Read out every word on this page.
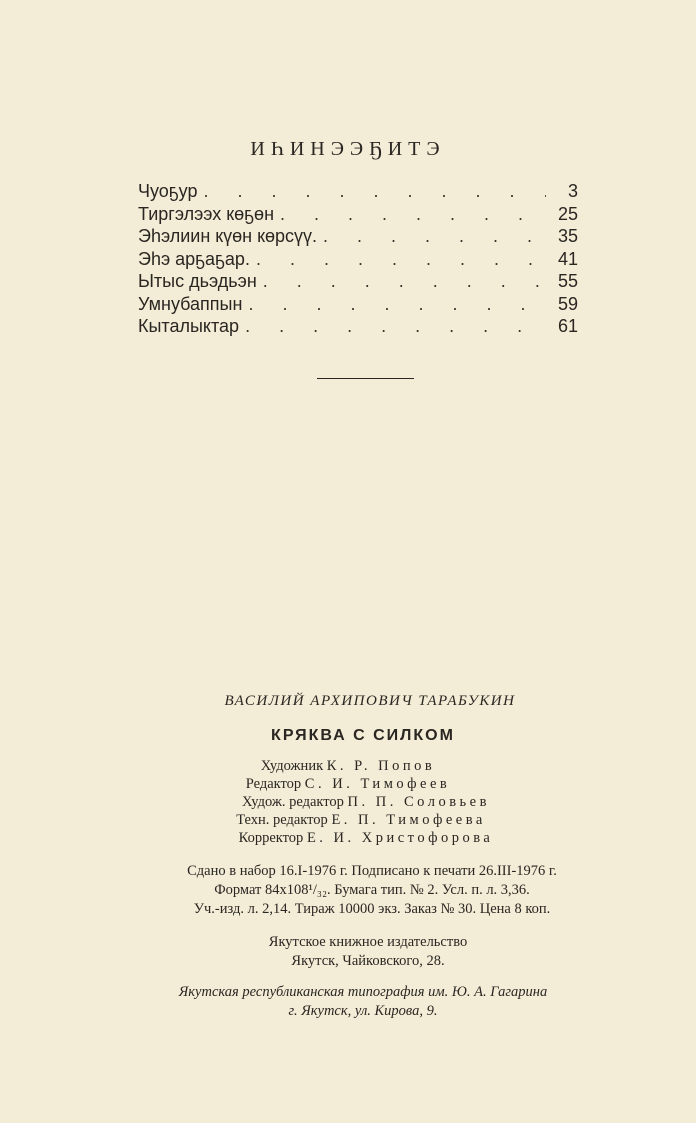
ИҺИНЭЭҔИТЭ
Чуоҕур . . .	3
Тиргэлээх көҕөн . . .	25
Эһэлиин күөн көрсүү. . . .	35
Эһэ арҕаҕар. . . .	41
Ытыс дьэдьэн . . .	55
Умнубаппын . . .	59
Кыталыктар . . .	61
ВАСИЛИЙ АРХИПОВИЧ ТАРАБУКИН
КРЯКВА С СИЛКОМ
Художник К. Р. Попов
Редактор С. И. Тимофеев
Худож. редактор П. П. Соловьев
Техн. редактор Е. П. Тимофеева
Корректор Е. И. Христофорова
Сдано в набор 16.I-1976 г. Подписано к печати 26.III-1976 г.
Формат 84x108¹/₃₂. Бумага тип. № 2. Усл. п. л. 3,36.
Уч.-изд. л. 2,14. Тираж 10000 экз. Заказ № 30. Цена 8 коп.
Якутское книжное издательство
Якутск, Чайковского, 28.
Якутская республиканская типография им. Ю. А. Гагарина
г. Якутск, ул. Кирова, 9.
